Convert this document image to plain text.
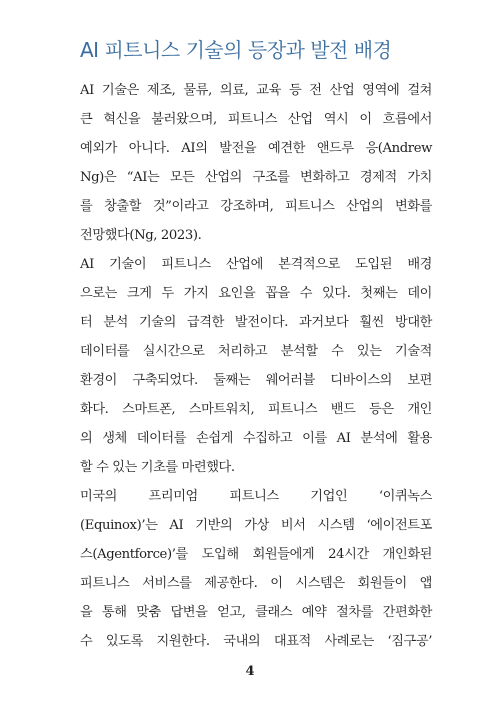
AI 피트니스 기술의 등장과 발전 배경
AI 기술은 제조, 물류, 의료, 교육 등 전 산업 영역에 걸쳐
큰 혁신을 불러왔으며, 피트니스 산업 역시 이 흐름에서
예외가 아니다. AI의 발전을 예견한 앤드루 응(Andrew
Ng)은 “AI는 모든 산업의 구조를 변화하고 경제적 가치
를 창출할 것”이라고 강조하며, 피트니스 산업의 변화를
전망했다(Ng, 2023).
AI 기술이 피트니스 산업에 본격적으로 도입된 배경
으로는 크게 두 가지 요인을 꼽을 수 있다. 첫째는 데이
터 분석 기술의 급격한 발전이다. 과거보다 훨씬 방대한
데이터를 실시간으로 처리하고 분석할 수 있는 기술적
환경이 구축되었다. 둘째는 웨어러블 디바이스의 보편
화다. 스마트폰, 스마트워치, 피트니스 밴드 등은 개인
의 생체 데이터를 손쉽게 수집하고 이를 AI 분석에 활용
할 수 있는 기초를 마련했다.
미국의 프리미엄 피트니스 기업인 ‘이퀴녹스
(Equinox)’는 AI 기반의 가상 비서 시스템 ‘에이전트포
스(Agentforce)’를 도입해 회원들에게 24시간 개인화된
피트니스 서비스를 제공한다. 이 시스템은 회원들이 앱
을 통해 맞춤 답변을 얻고, 클래스 예약 절차를 간편화한
수 있도록 지원한다. 국내의 대표적 사례로는 ‘짐구공’
4
